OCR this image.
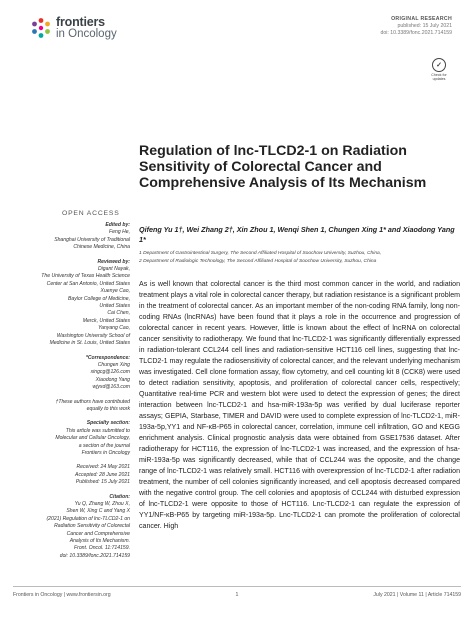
frontiers
in Oncology
ORIGINAL RESEARCH
published: 15 July 2021
doi: 10.3389/fonc.2021.714159
✓
Check for updates
Regulation of lnc-TLCD2-1 on Radiation Sensitivity of Colorectal Cancer and Comprehensive Analysis of Its Mechanism
OPEN ACCESS
Qifeng Yu 1†, Wei Zhang 2†, Xin Zhou 1, Wenqi Shen 1, Chungen Xing 1* and Xiaodong Yang 1*
1 Department of Gastrointestinal Surgery, The Second Affiliated Hospital of Soochow University, Suzhou, China,
2 Department of Radiologic Technology, The Second Affiliated Hospital of Soochow University, Suzhou, China
Edited by:
Feng He,
Shanghai University of Traditional
Chinese Medicine, China
Reviewed by:
Digant Nayak,
The University of Texas Health Science
Center at San Antonio, United States
Xuenye Cao,
Baylor College of Medicine,
United States
Cai Chen,
Merck, United States
Yanyang Cao,
Washington University School of
Medicine in St. Louis, United States
*Correspondence:
Chungen Xing
xingcg@126.com
Xiaodong Yang
wjyxd@163.com
†These authors have contributed
equally to this work
Specialty section:
This article was submitted to
Molecular and Cellular Oncology,
a section of the journal
Frontiers in Oncology
Received: 24 May 2021
Accepted: 28 June 2021
Published: 15 July 2021
Citation:
Yu Q, Zhang W, Zhou X,
Shen W, Xing C and Yang X
(2021) Regulation of lnc-TLCD2-1 on
Radiation Sensitivity of Colorectal
Cancer and Comprehensive
Analysis of Its Mechanism.
Front. Oncol. 11:714159.
doi: 10.3389/fonc.2021.714159
As is well known that colorectal cancer is the third most common cancer in the world, and radiation treatment plays a vital role in colorectal cancer therapy, but radiation resistance is a significant problem in the treatment of colorectal cancer. As an important member of the non-coding RNA family, long non-coding RNAs (lncRNAs) have been found that it plays a role in the occurrence and progression of colorectal cancer in recent years. However, little is known about the effect of lncRNA on colorectal cancer sensitivity to radiotherapy. We found that lnc-TLCD2-1 was significantly differentially expressed in radiation-tolerant CCL244 cell lines and radiation-sensitive HCT116 cell lines, suggesting that lnc-TLCD2-1 may regulate the radiosensitivity of colorectal cancer, and the relevant underlying mechanism was investigated. Cell clone formation assay, flow cytometry, and cell counting kit 8 (CCK8) were used to detect radiation sensitivity, apoptosis, and proliferation of colorectal cancer cells, respectively; Quantitative real-time PCR and western blot were used to detect the expression of genes; the direct interaction between lnc-TLCD2-1 and hsa-miR-193a-5p was verified by dual luciferase reporter assays; GEPIA, Starbase, TIMER and DAVID were used to complete expression of lnc-TLCD2-1, miR-193a-5p,YY1 and NF-κB-P65 in colorectal cancer, correlation, immune cell infiltration, GO and KEGG enrichment analysis. Clinical prognostic analysis data were obtained from GSE17536 dataset. After radiotherapy for HCT116, the expression of lnc-TLCD2-1 was increased, and the expression of hsa-miR-193a-5p was significantly decreased, while that of CCL244 was the opposite, and the change range of lnc-TLCD2-1 was relatively small. HCT116 with overexpression of lnc-TLCD2-1 after radiation treatment, the number of cell colonies significantly increased, and cell apoptosis decreased compared with the negative control group. The cell colonies and apoptosis of CCL244 with disturbed expression of lnc-TLCD2-1 were opposite to those of HCT116. Lnc-TLCD2-1 can regulate the expression of YY1/NF-κB-P65 by targeting miR-193a-5p. Lnc-TLCD2-1 can promote the proliferation of colorectal cancer. High
Frontiers in Oncology | www.frontiersin.org	1	July 2021 | Volume 11 | Article 714159
